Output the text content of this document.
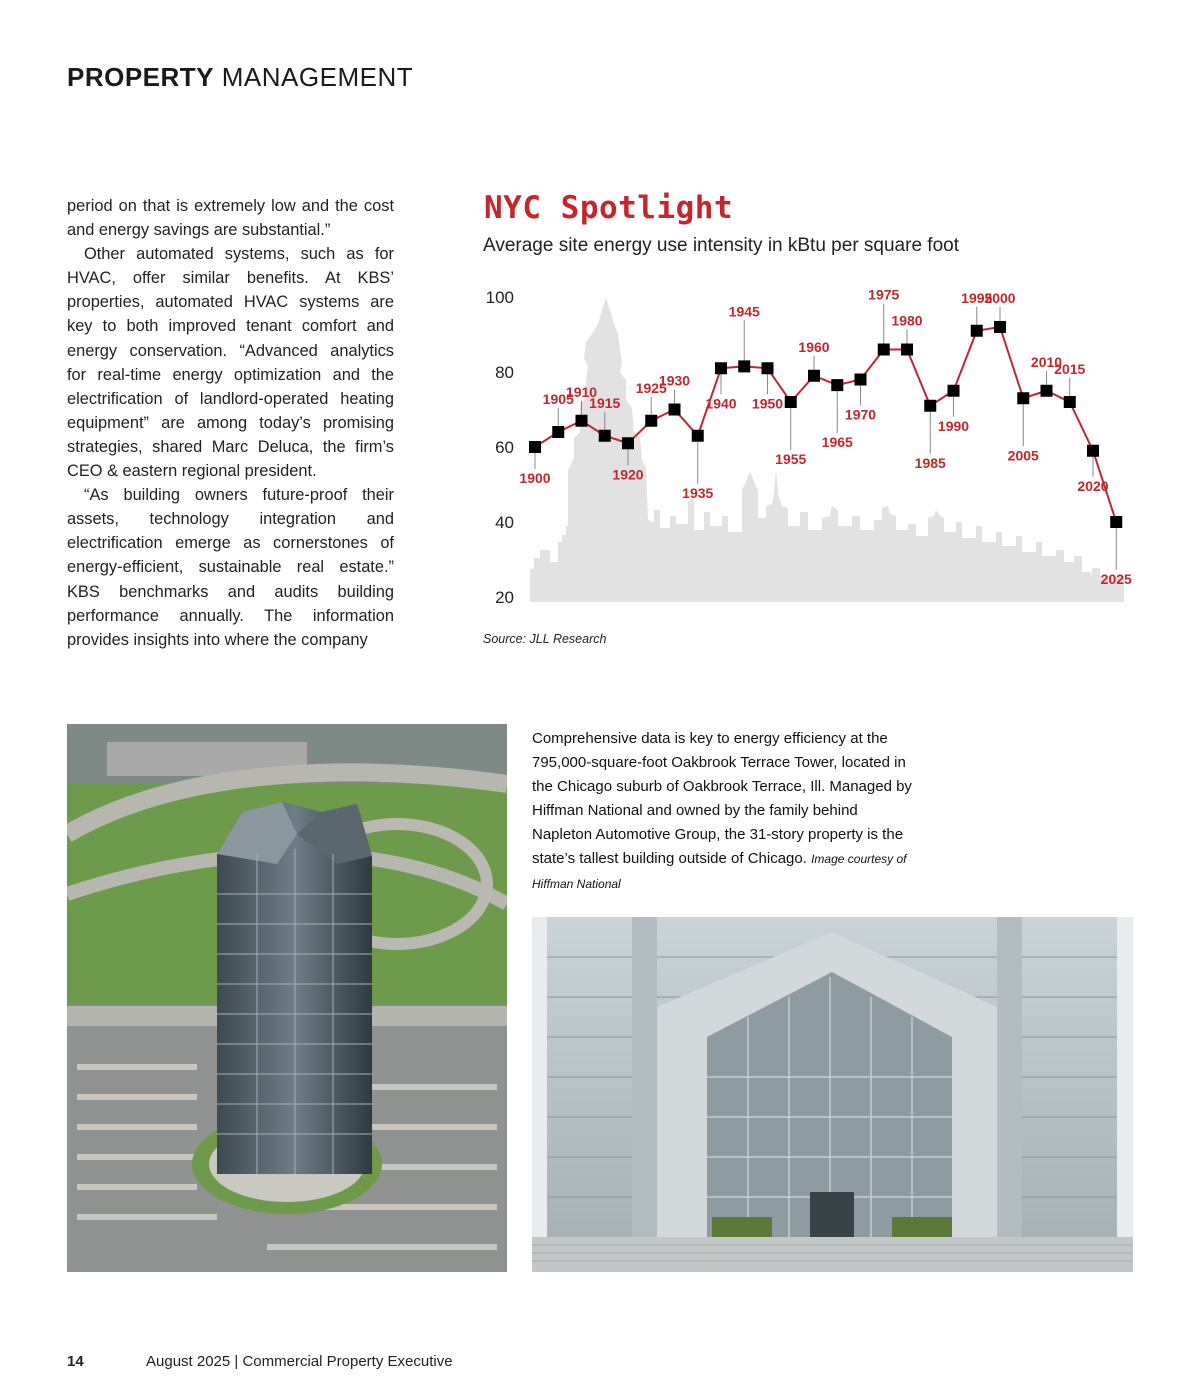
PROPERTY MANAGEMENT

period on that is extremely low and the cost and energy savings are substantial.”

Other automated systems, such as for HVAC, offer similar benefits. At KBS’ properties, automated HVAC systems are key to both improved tenant comfort and energy conservation. “Advanced analytics for real-time energy optimization and the electrification of landlord-operated heating equipment” are among today’s promising strategies, shared Marc Deluca, the firm’s CEO & eastern regional president.

“As building owners future-proof their assets, technology integration and electrification emerge as cornerstones of energy-efficient, sustainable real estate.” KBS benchmarks and audits building performance annually. The information provides insights into where the company

NYC Spotlight
Average site energy use intensity in kBtu per square foot
20
40
60
80
100
1900
1905
1910
1915
1920
1925
1930
1935
1940
1945
1950
1955
1960
1965
1970
1975
1980
1985
1990
1995
2000
2005
2010
2015
2020
2025
Source: JLL Research
Comprehensive data is key to energy efficiency at the 795,000-square-foot Oakbrook Terrace Tower, located in the Chicago suburb of Oakbrook Terrace, Ill. Managed by Hiffman National and owned by the family behind Napleton Automotive Group, the 31-story property is the state’s tallest building outside of Chicago. Image courtesy of Hiffman National
14	August 2025 | Commercial Property Executive
